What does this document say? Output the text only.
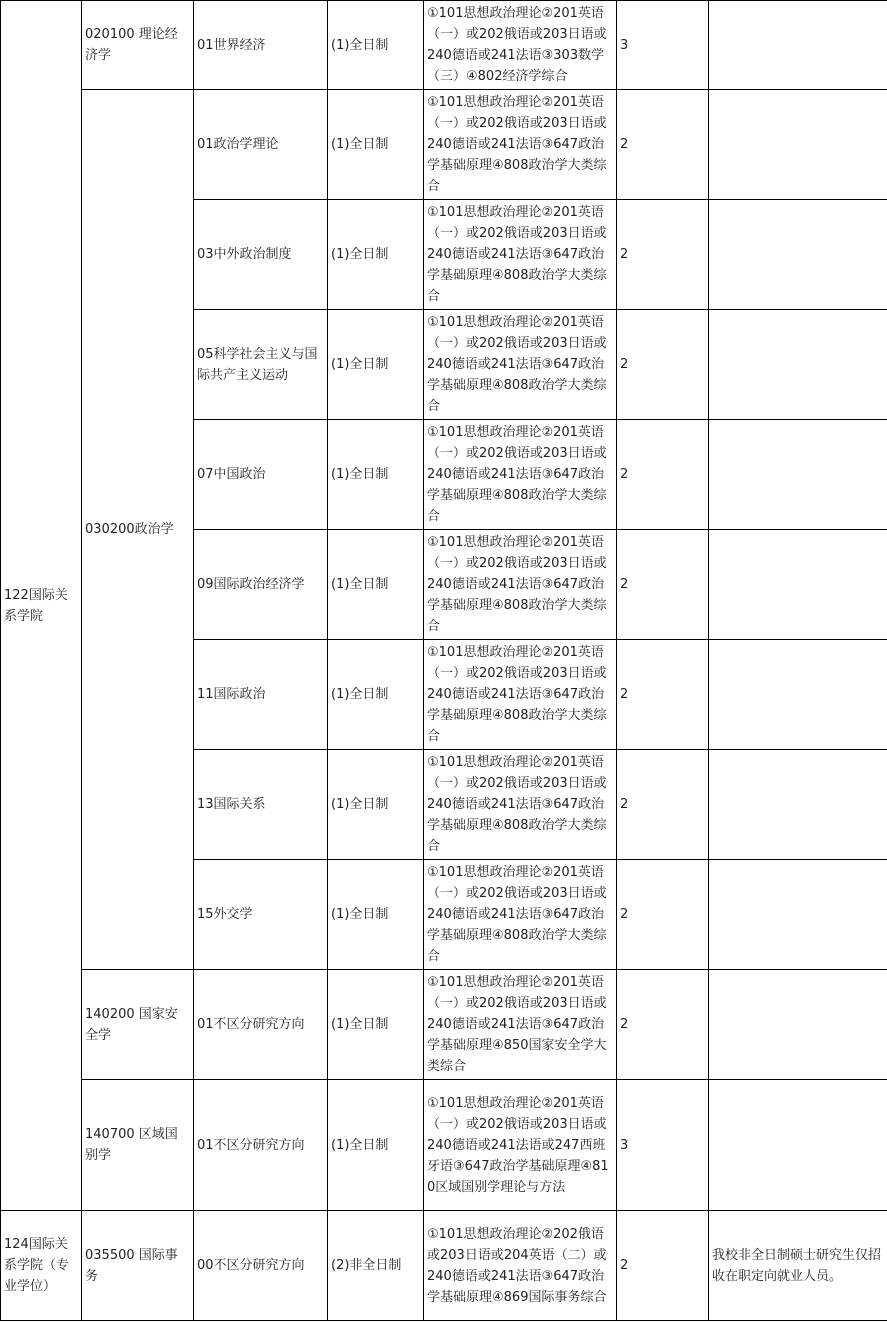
122国际关系学院	020100 理论经济学	01世界经济	(1)全日制	①101思想政治理论②201英语（一）或202俄语或203日语或240德语或241法语③303数学（三）④802经济学综合	3	
	030200政治学	01政治学理论	(1)全日制	①101思想政治理论②201英语（一）或202俄语或203日语或240德语或241法语③647政治学基础原理④808政治学大类综合	2	
		03中外政治制度	(1)全日制	①101思想政治理论②201英语（一）或202俄语或203日语或240德语或241法语③647政治学基础原理④808政治学大类综合	2	
		05科学社会主义与国际共产主义运动	(1)全日制	①101思想政治理论②201英语（一）或202俄语或203日语或240德语或241法语③647政治学基础原理④808政治学大类综合	2	
		07中国政治	(1)全日制	①101思想政治理论②201英语（一）或202俄语或203日语或240德语或241法语③647政治学基础原理④808政治学大类综合	2	
		09国际政治经济学	(1)全日制	①101思想政治理论②201英语（一）或202俄语或203日语或240德语或241法语③647政治学基础原理④808政治学大类综合	2	
		11国际政治	(1)全日制	①101思想政治理论②201英语（一）或202俄语或203日语或240德语或241法语③647政治学基础原理④808政治学大类综合	2	
		13国际关系	(1)全日制	①101思想政治理论②201英语（一）或202俄语或203日语或240德语或241法语③647政治学基础原理④808政治学大类综合	2	
		15外交学	(1)全日制	①101思想政治理论②201英语（一）或202俄语或203日语或240德语或241法语③647政治学基础原理④808政治学大类综合	2	
	140200 国家安全学	01不区分研究方向	(1)全日制	①101思想政治理论②201英语（一）或202俄语或203日语或240德语或241法语③647政治学基础原理④850国家安全学大类综合	2	
	140700 区域国别学	01不区分研究方向	(1)全日制	①101思想政治理论②201英语（一）或202俄语或203日语或240德语或241法语或247西班牙语③647政治学基础原理④810区域国别学理论与方法	3	
124国际关系学院（专业学位）	035500 国际事务	00不区分研究方向	(2)非全日制	①101思想政治理论②202俄语或203日语或204英语（二）或240德语或241法语③647政治学基础原理④869国际事务综合	2	我校非全日制硕士研究生仅招收在职定向就业人员。
